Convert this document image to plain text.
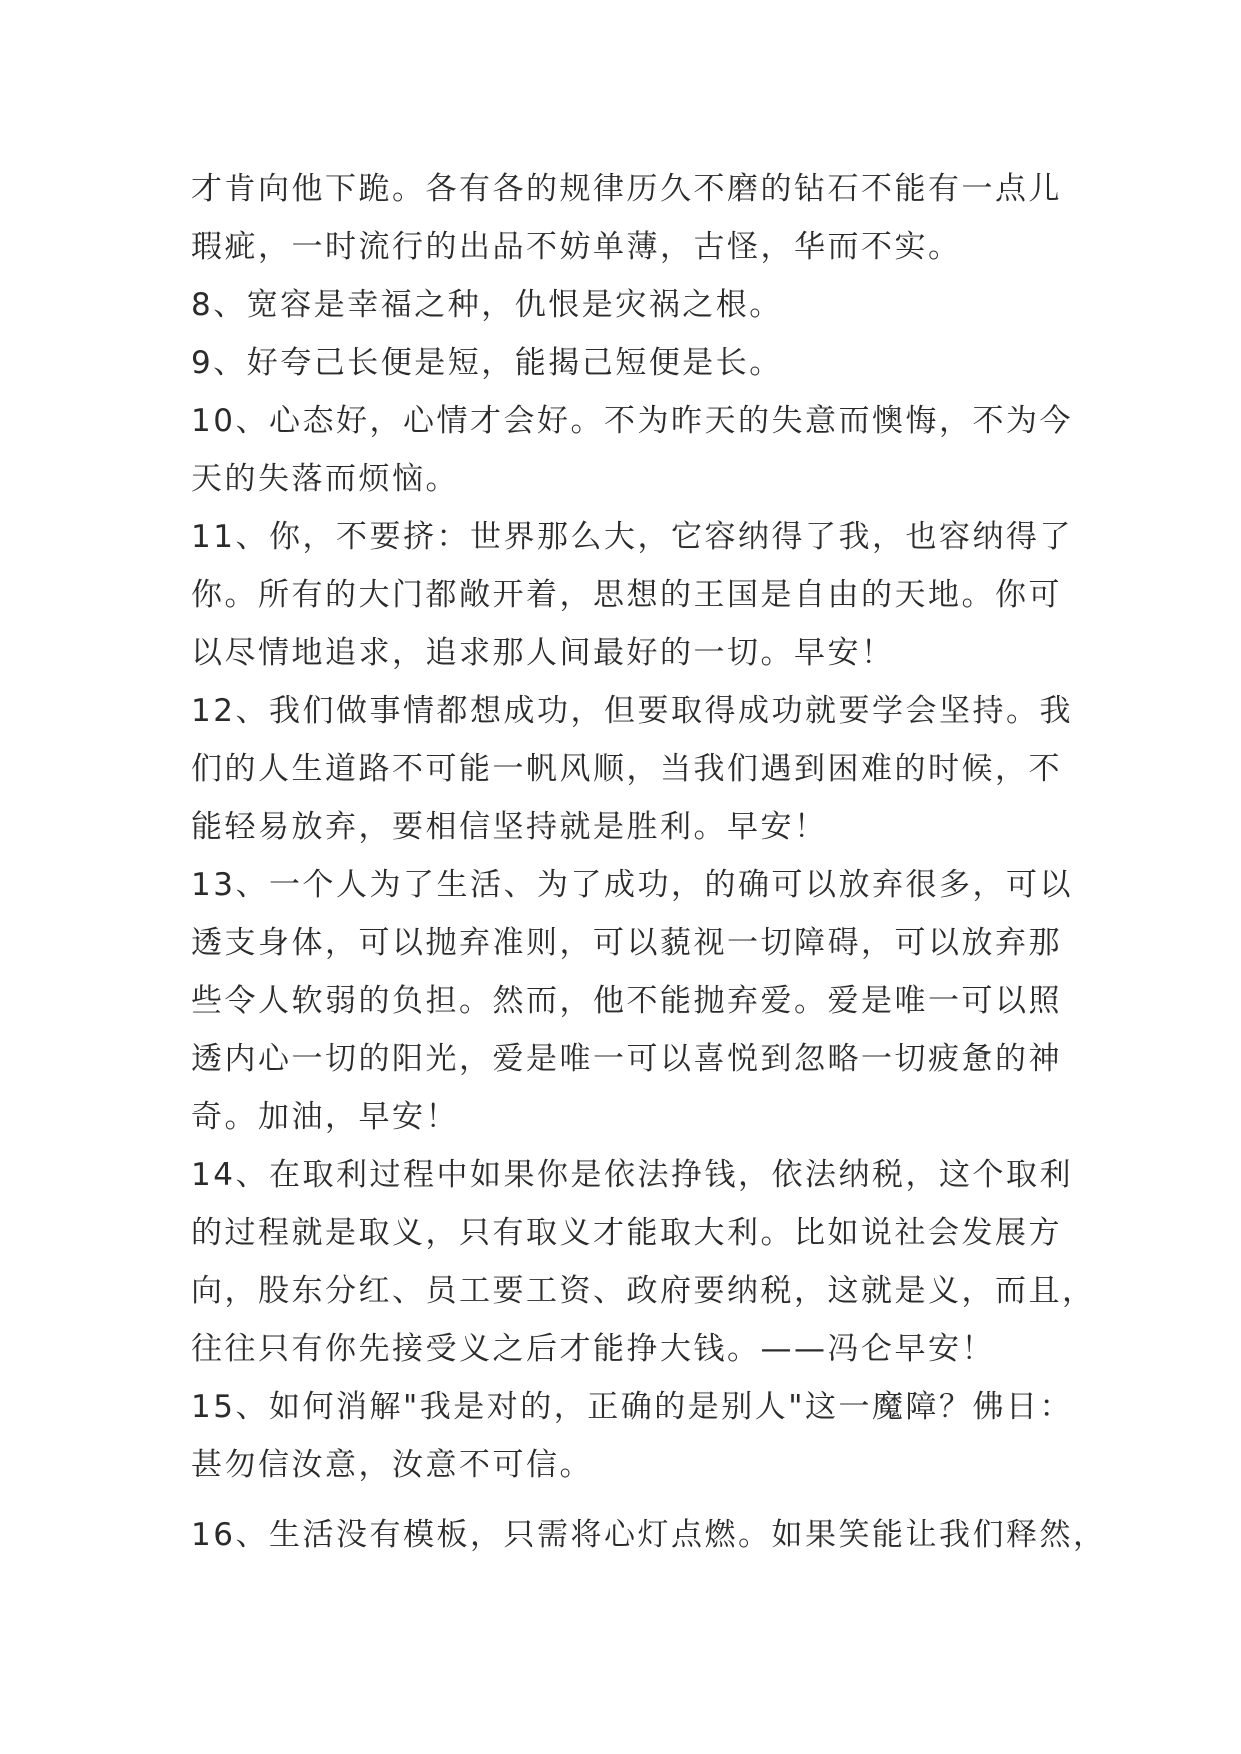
才肯向他下跪。各有各的规律历久不磨的钻石不能有一点儿

瑕疵，一时流行的出品不妨单薄，古怪，华而不实。

8、宽容是幸福之种，仇恨是灾祸之根。

9、好夸己长便是短，能揭己短便是长。

10、心态好，心情才会好。不为昨天的失意而懊悔，不为今

天的失落而烦恼。

11、你，不要挤：世界那么大，它容纳得了我，也容纳得了

你。所有的大门都敞开着，思想的王国是自由的天地。你可

以尽情地追求，追求那人间最好的一切。早安！

12、我们做事情都想成功，但要取得成功就要学会坚持。我

们的人生道路不可能一帆风顺，当我们遇到困难的时候，不

能轻易放弃，要相信坚持就是胜利。早安！

13、一个人为了生活、为了成功，的确可以放弃很多，可以

透支身体，可以抛弃准则，可以藐视一切障碍，可以放弃那

些令人软弱的负担。然而，他不能抛弃爱。爱是唯一可以照

透内心一切的阳光，爱是唯一可以喜悦到忽略一切疲惫的神

奇。加油，早安！

14、在取利过程中如果你是依法挣钱，依法纳税，这个取利

的过程就是取义，只有取义才能取大利。比如说社会发展方

向，股东分红、员工要工资、政府要纳税，这就是义，而且，

往往只有你先接受义之后才能挣大钱。——冯仑早安！

15、如何消解"我是对的，正确的是别人"这一魔障？佛日：

甚勿信汝意，汝意不可信。

16、生活没有模板，只需将心灯点燃。如果笑能让我们释然，
